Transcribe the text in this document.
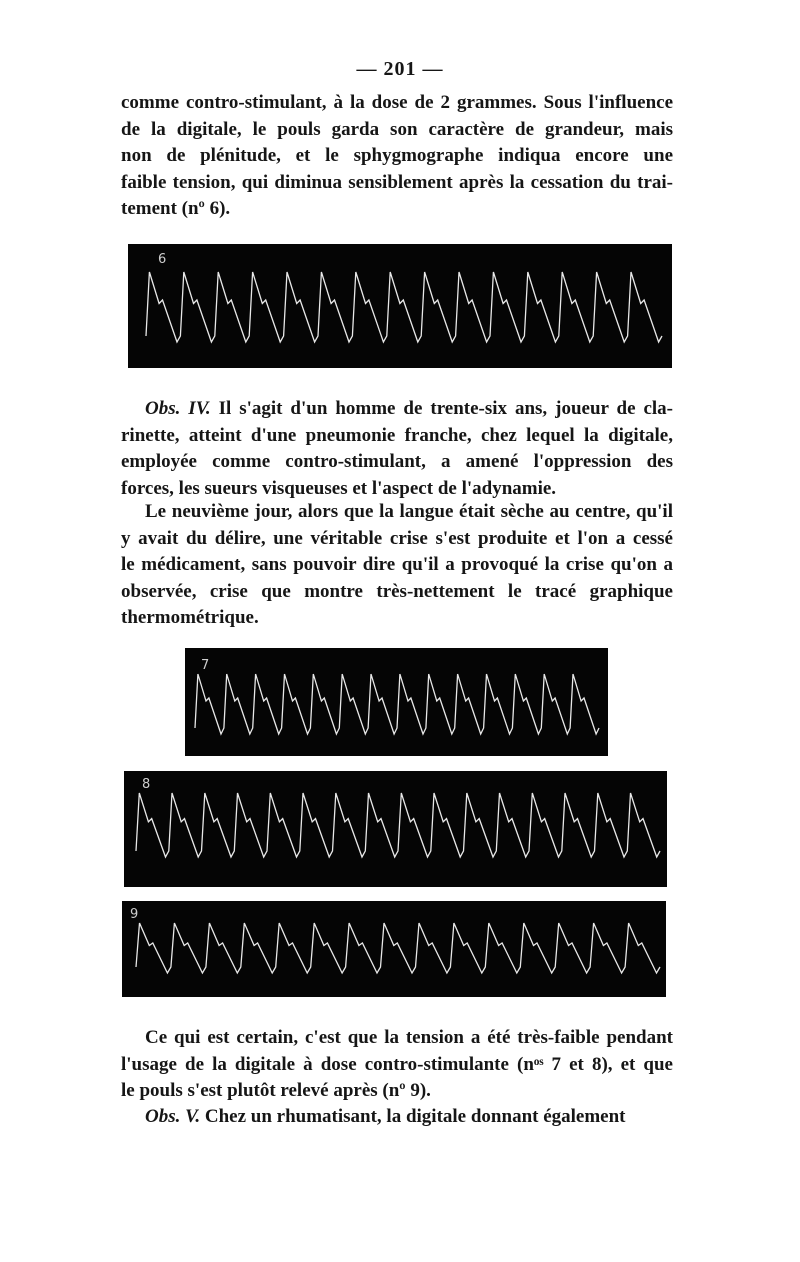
— 201 —

comme contro-stimulant, à la dose de 2 grammes. Sous l'influence
de la digitale, le pouls garda son caractère de grandeur, mais
non de plénitude, et le sphygmographe indiqua encore une
faible tension, qui diminua sensiblement après la cessation du trai-
tement (nº 6).

6

Obs. IV. Il s'agit d'un homme de trente-six ans, joueur de cla-
rinette, atteint d'une pneumonie franche, chez lequel la digitale,
employée comme contro-stimulant, a amené l'oppression des
forces, les sueurs visqueuses et l'aspect de l'adynamie.

Le neuvième jour, alors que la langue était sèche au centre, qu'il
y avait du délire, une véritable crise s'est produite et l'on a cessé
le médicament, sans pouvoir dire qu'il a provoqué la crise qu'on a
observée, crise que montre très-nettement le tracé graphique
thermométrique.

7
8
9

Ce qui est certain, c'est que la tension a été très-faible pendant
l'usage de la digitale à dose contro-stimulante (nᵒˢ 7 et 8), et que
le pouls s'est plutôt relevé après (nº 9).

Obs. V. Chez un rhumatisant, la digitale donnant également
